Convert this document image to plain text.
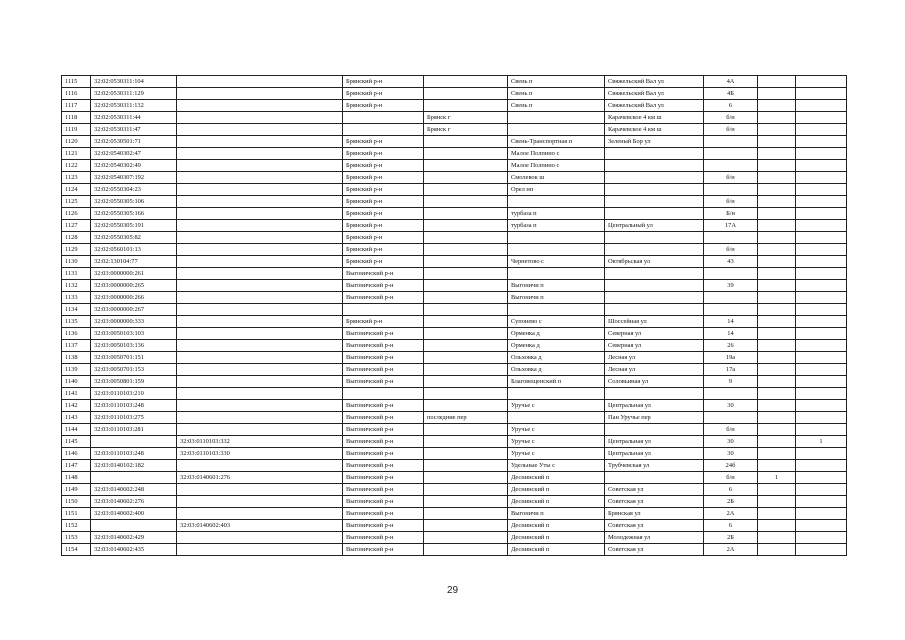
1115	32:02:0530311:104		Брянский р-н		Свень п	Свяжельский Вал ул	4А		
1116	32:02:0530311:129		Брянский р-н		Свень п	Свяжельский Вал ул	4Б		
1117	32:02:0530311:132		Брянский р-н		Свень п	Свяжельский Вал ул	6		
1118	32:02:0530311:44			Брянск г		Карачевское 4 км ш	б/н		
1119	32:02:0530311:47			Брянск г		Карачевское 4 км ш	б/н		
1120	32:02:0530501:71		Брянский р-н		Свень-Транспортная п	Зеленый Бор ул			
1121	32:02:0540302:47		Брянский р-н		Малое Полпино с				
1122	32:02:0540302:49		Брянский р-н		Малое Полпино с				
1123	32:02:0540307:192		Брянский р-н		Смолевок ш		б/н		
1124	32:02:0550304:23		Брянский р-н		Орел нп				
1125	32:02:0550305:106		Брянский р-н				б/н		
1126	32:02:0550305:166		Брянский р-н		турбаза п		Б/н		
1127	32:02:0550305:191		Брянский р-н		турбаза п	Центральный ул	17А		
1128	32:02:0550305:82		Брянский р-н						
1129	32:02:0560101:13		Брянский р-н				б/н		
1130	32:02:130104:77		Брянский р-н		Чернетово с	Октябрьская ул	43		
1131	32:03:0000000:261		Выгоничский р-н						
1132	32:03:0000000:265		Выгоничский р-н		Выгоничи п		39		
1133	32:03:0000000:266		Выгоничский р-н		Выгоничи п				
1134	32:03:0000000:267								
1135	32:03:0000000:333		Брянский р-н		Супонево с	Шоссейная ул	14		
1136	32:03:0050103:103		Выгоничский р-н		Орменка д	Северная ул	14		
1137	32:03:0050103:136		Выгоничский р-н		Орменка д	Северная ул	26		
1138	32:03:0050701:151		Выгоничский р-н		Ольховка д	Лесная ул	19а		
1139	32:03:0050701:153		Выгоничский р-н		Ольховка д	Лесная ул	17а		
1140	32:03:0050801:159		Выгоничский р-н		Благовещенский п	Соловьиная ул	9		
1141	32:03:0110103:210								
1142	32:03:0110103:248		Выгоничский р-н		Уручье с	Центральная ул	30		
1143	32:03:0110103:275		Выгоничский р-н	последние пер		Пан Уручье пер			
1144	32:03:0110103:281		Выгоничский р-н		Уручье с		б/н		
1145		32:03:0110103:332	Выгоничский р-н		Уручье с	Центральная ул	30		1
1146	32:03:0110103:248	32:03:0110103:330	Выгоничский р-н		Уручье с	Центральная ул	30		
1147	32:03:0140102:182		Выгоничский р-н		Удельные Уты с	Трубчевская ул	24б		
1148		32:03:0140601:276	Выгоничский р-н		Деснинский п		б/н	1	
1149	32:03:0140602:248		Выгоничский р-н		Деснинский п	Советская ул	6		
1150	32:03:0140602:276		Выгоничский р-н		Деснинский п	Советская ул	2Б		
1151	32:03:0140602:400		Выгоничский р-н		Выгоничи п	Брянская ул	2А		
1152		32:03:0140602:403	Выгоничский р-н		Деснинский п	Советская ул	6		
1153	32:03:0140602:429		Выгоничский р-н		Деснинский п	Молодежная ул	2Б		
1154	32:03:0140602:435		Выгоничский р-н		Деснинский п	Советская ул	2А		
29
